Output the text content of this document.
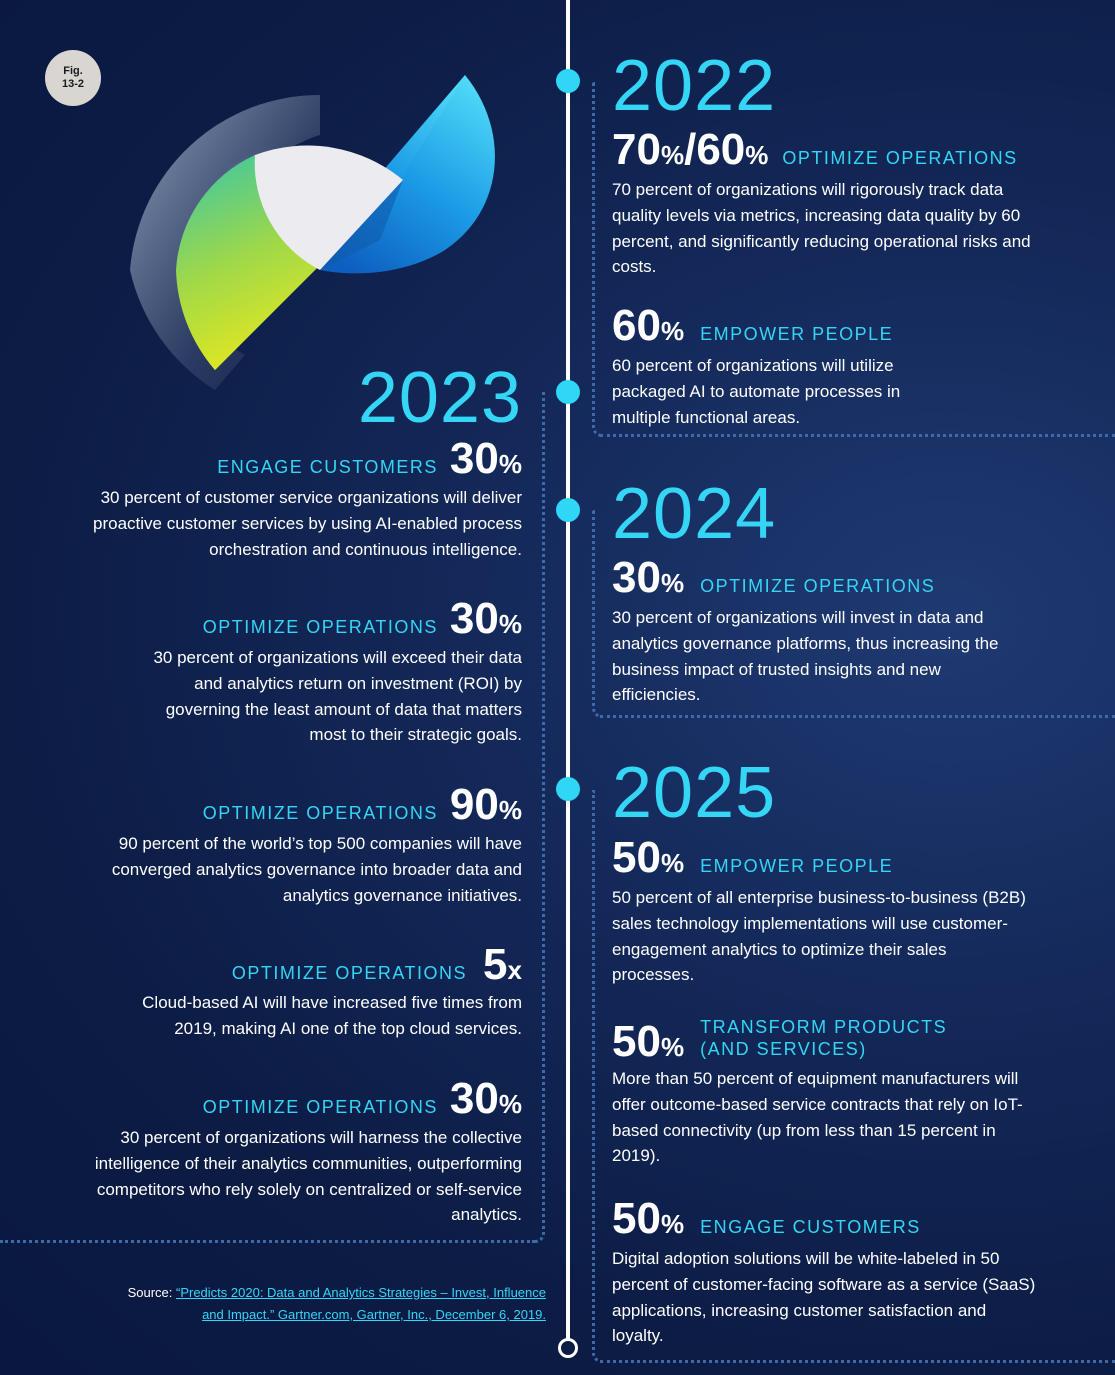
Fig.
13-2	2022
70 % / 60 % OPTIMIZE OPERATIONS
70 percent of organizations will rigorously track data quality levels via metrics, increasing data quality by 60 percent, and significantly reducing operational risks and costs.
60 % EMPOWER PEOPLE
60 percent of organizations will utilize packaged AI to automate processes in multiple functional areas.
2024
30 % OPTIMIZE OPERATIONS
30 percent of organizations will invest in data and analytics governance platforms, thus increasing the business impact of trusted insights and new efficiencies.
2025
50 % EMPOWER PEOPLE
50 percent of all enterprise business-to-business (B2B) sales technology implementations will use customer-engagement analytics to optimize their sales processes.
50%
TRANSFORM PRODUCTS
(AND SERVICES)
More than 50 percent of equipment manufacturers will offer outcome-based service contracts that rely on IoT-based connectivity (up from less than 15 percent in 2019).
50 % ENGAGE CUSTOMERS
Digital adoption solutions will be white-labeled in 50 percent of customer-facing software as a service (SaaS) applications, increasing customer satisfaction and loyalty.
2023
ENGAGE CUSTOMERS 30 %
30 percent of customer service organizations will deliver proactive customer services by using AI-enabled process orchestration and continuous intelligence.
OPTIMIZE OPERATIONS 30 %
30 percent of organizations will exceed their data and analytics return on investment (ROI) by governing the least amount of data that matters most to their strategic goals.
OPTIMIZE OPERATIONS 90 %
90 percent of the world’s top 500 companies will have converged analytics governance into broader data and analytics governance initiatives.
OPTIMIZE OPERATIONS 5 x
Cloud-based AI will have increased five times from 2019, making AI one of the top cloud services.
OPTIMIZE OPERATIONS 30 %
30 percent of organizations will harness the collective intelligence of their analytics communities, outperforming competitors who rely solely on centralized or self-service analytics.
Source: “Predicts 2020: Data and Analytics Strategies – Invest, Influence
and Impact.” Gartner.com, Gartner, Inc., December 6, 2019.
